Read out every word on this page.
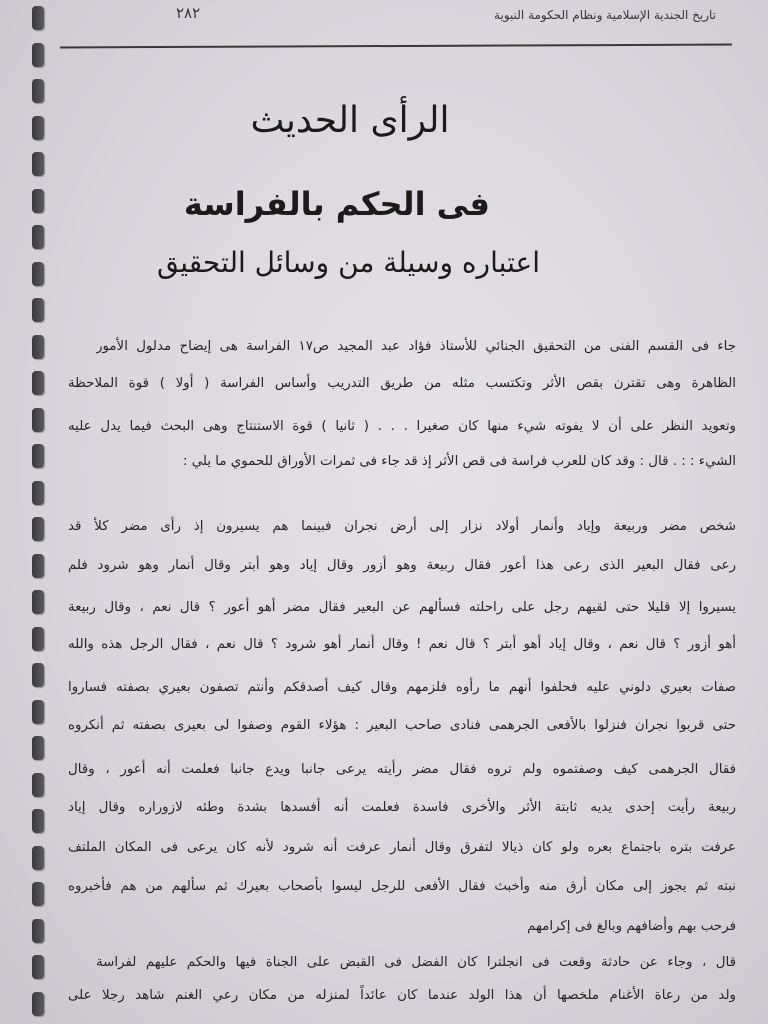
تاريخ الجندية الإسلامية ونظام الحكومة النبوية
٢٨٢
الرأى الحديث
فى الحكم بالفراسة
اعتباره وسيلة من وسائل التحقيق
جاء فى القسم الفنى من التحقيق الجنائي للأستاذ فؤاد عبد المجيد ص١٧ الفراسة هى إيضاح مدلول الأمور
الظاهرة وهى تقترن بقص الأثر وتكتسب مثله من طريق التدريب وأساس الفراسة ( أولا ) قوة الملاحظة
وتعويد النظر على أن لا يفوته شيء منها كان صغيرا . . . ( ثانيا ) قوة الاستنتاج وهى البحث فيما يدل عليه
الشيء : : . قال : وقد كان للعرب فراسة فى قص الأثر إذ قد جاء فى ثمرات الأوراق للحموي ما يلي :
شخص مضر وربيعة وإياد وأنمار أولاد نزار إلى أرض نجران فبينما هم يسيرون إذ رأى مضر كلأ قد
رعى فقال البعير الذى رعى هذا أعور فقال ربيعة وهو أزور وقال إياد وهو أبتر وقال أنمار وهو شرود فلم
يسيروا إلا قليلا حتى لقيهم رجل على راحلته فسألهم عن البعير فقال مضر أهو أعور ؟ قال نعم ، وقال ربيعة
أهو أزور ؟ قال نعم ، وقال إياد أهو أبتر ؟ قال نعم ! وقال أنمار أهو شرود ؟ قال نعم ، فقال الرجل هذه والله
صفات بعيري دلوني عليه فحلفوا أنهم ما رأوه فلزمهم وقال كيف أصدقكم وأنتم تصفون بعيري بصفته فساروا
حتى قربوا نجران فنزلوا بالأفعى الجرهمى فنادى صاحب البعير : هؤلاء القوم وصفوا لى بعيرى بصفته ثم أنكروه
فقال الجرهمى كيف وصفتموه ولم تروه فقال مضر رأيته يرعى جانبا ويدع جانبا فعلمت أنه أعور ، وقال
ربيعة رأيت إحدى يديه ثابتة الأثر والأخرى فاسدة فعلمت أنه أفسدها بشدة وطئه لازوراره وقال إياد
عرفت بتره باجتماع بعره ولو كان ذيالا لتفرق وقال أنمار عرفت أنه شرود لأنه كان يرعى فى المكان الملتف
نبته ثم يجوز إلى مكان أرق منه وأخبث فقال الأفعى للرجل ليسوا بأصحاب بعيرك ثم سألهم من هم فأخبروه
فرحب بهم وأضافهم وبالغ فى إكرامهم
قال ، وجاء عن حادثة وقعت فى انجلترا كان الفضل فى القبض على الجناة فيها والحكم عليهم لفراسة
ولد من رعاة الأغنام ملخصها أن هذا الولد عندما كان عائداً لمنزله من مكان رعي الغنم شاهد رجلا على
